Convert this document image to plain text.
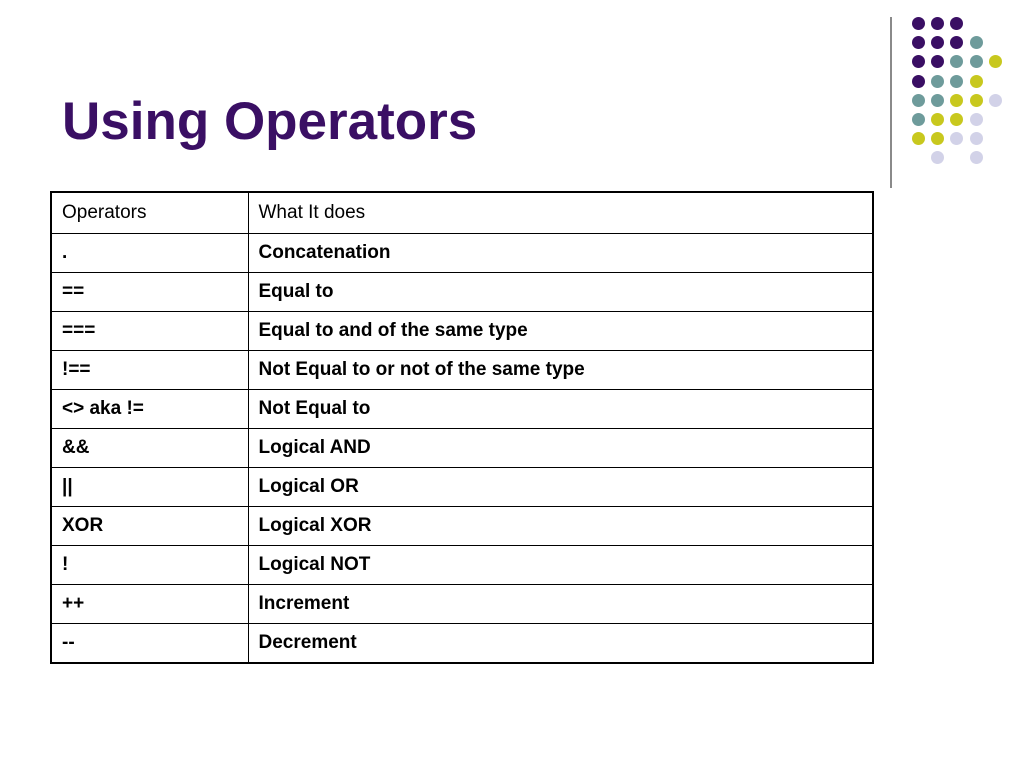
Using Operators
Operators	What It does
.	Concatenation
==	Equal to
===	Equal to and of the same type
!==	Not Equal to or not of the same type
<> aka !=	Not Equal to
&&	Logical AND
||	Logical OR
XOR	Logical XOR
!	Logical NOT
++	Increment
--	Decrement
